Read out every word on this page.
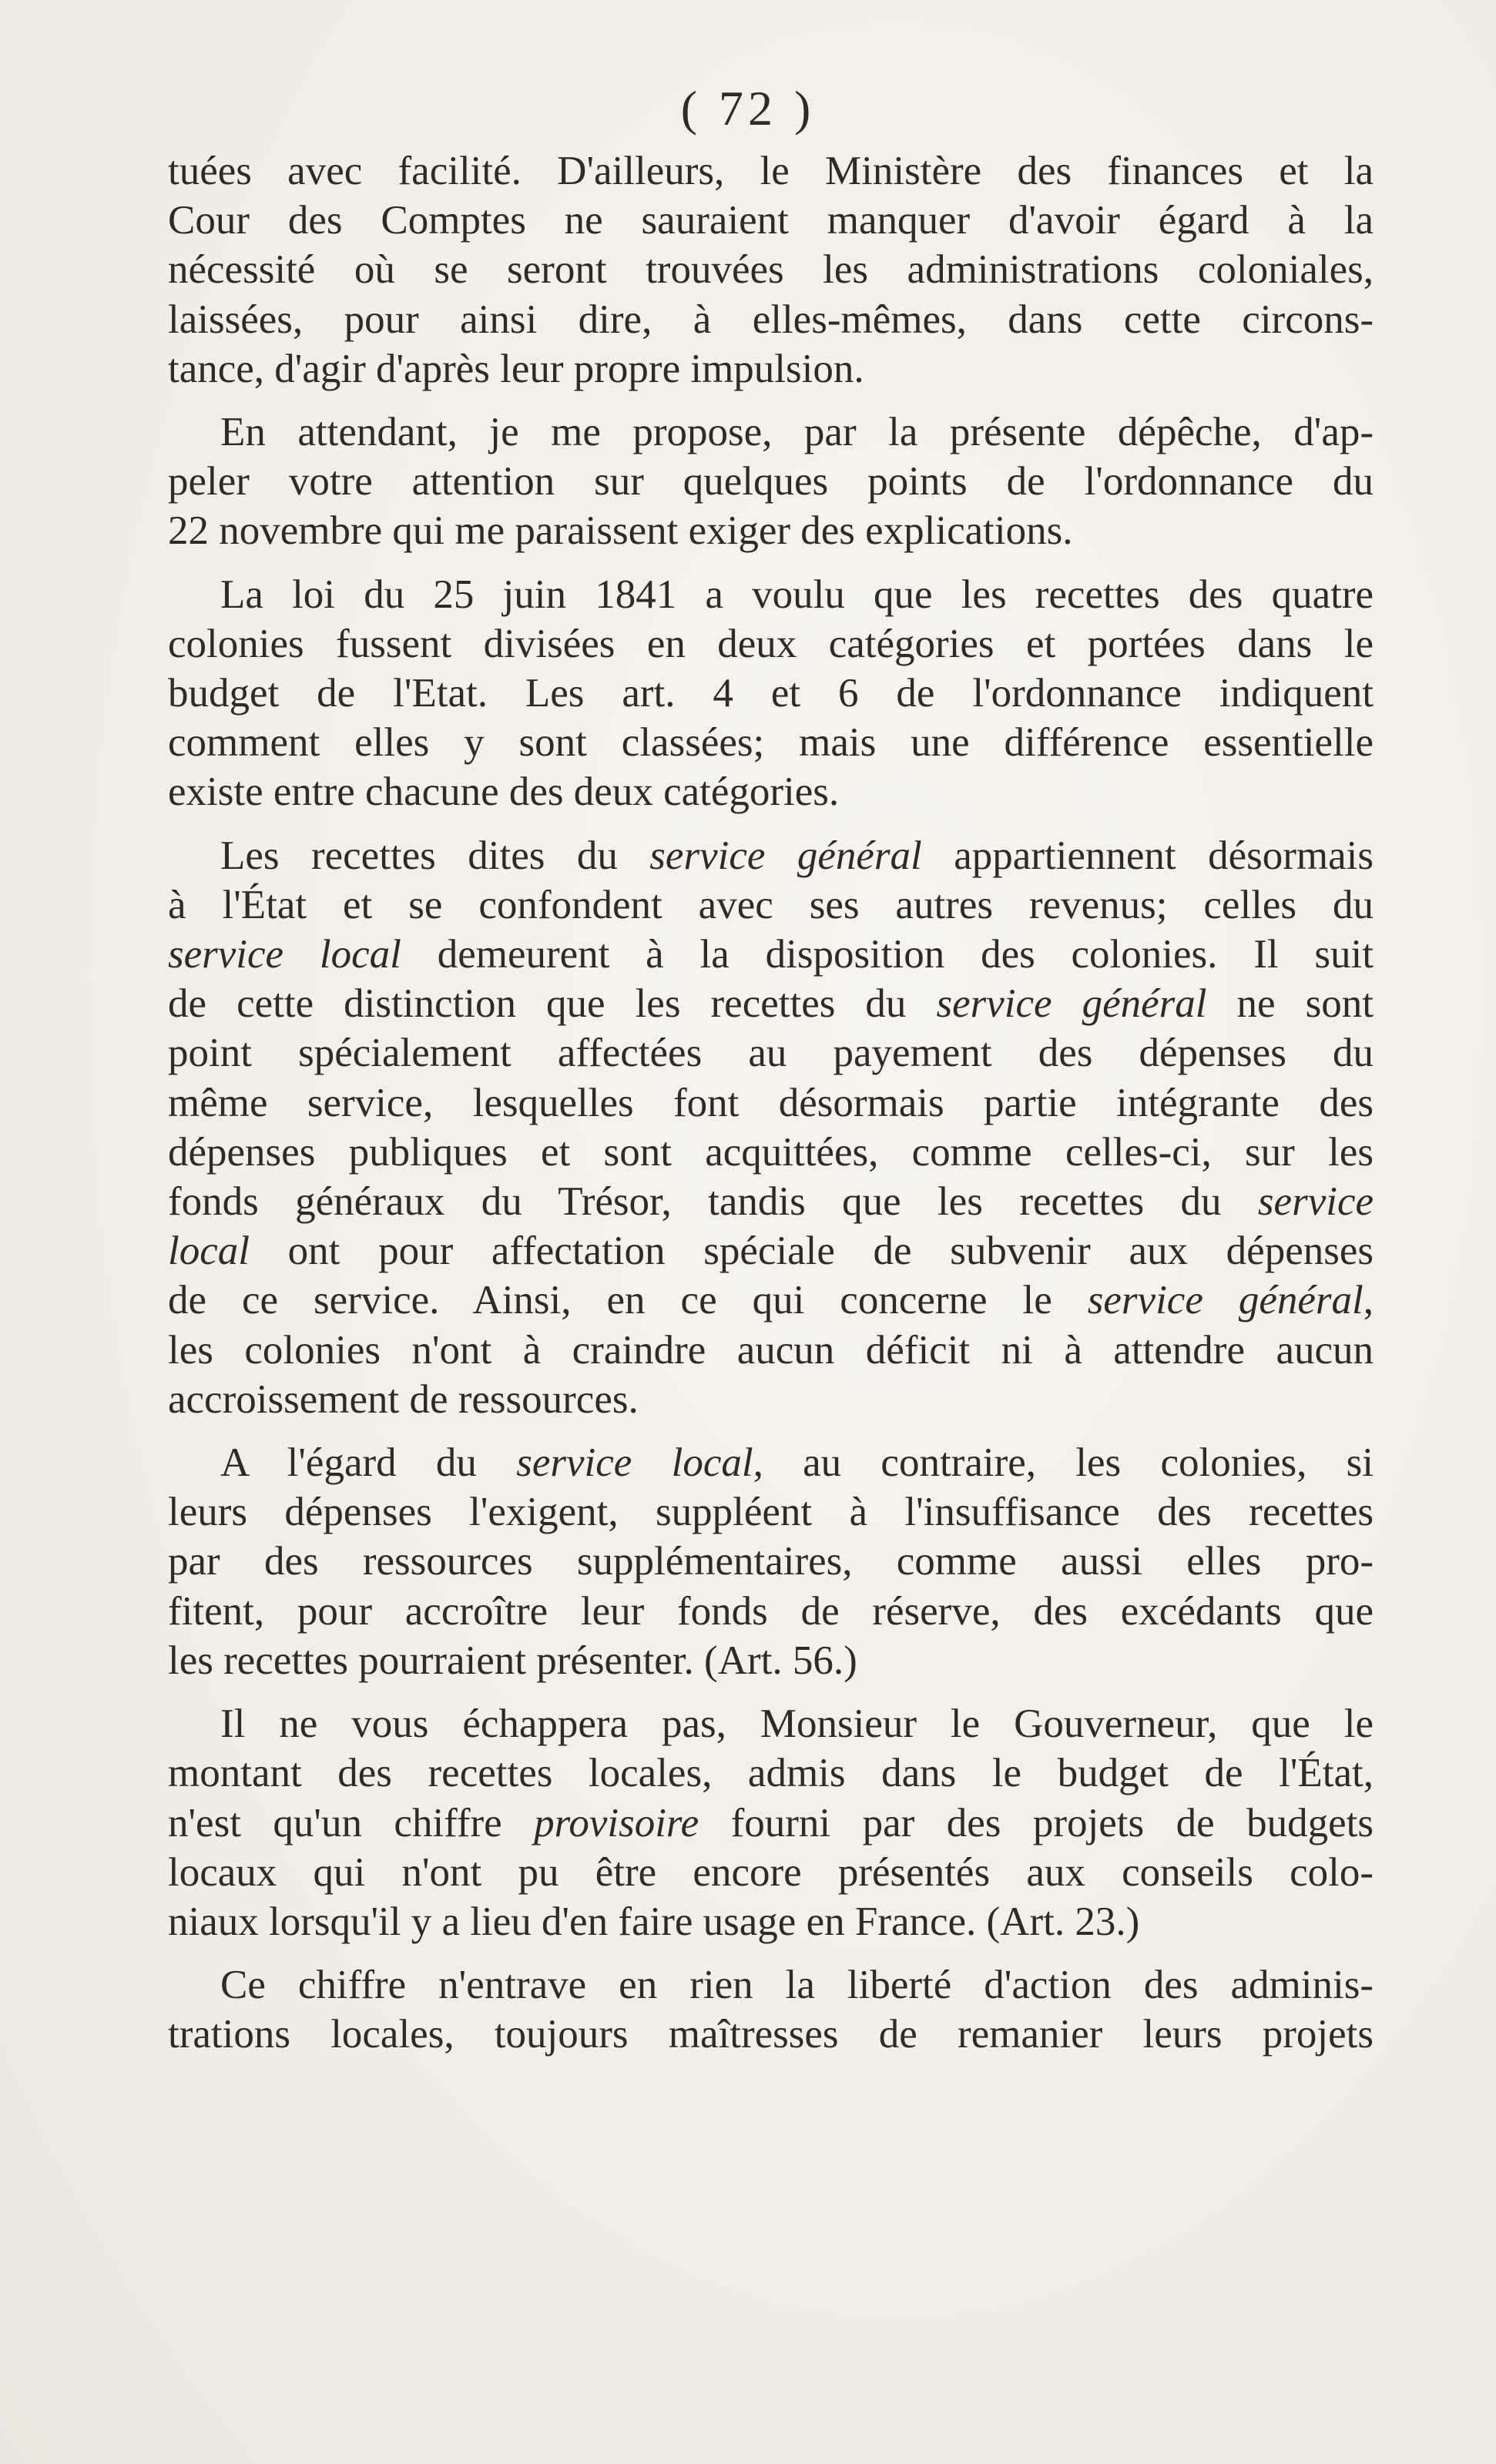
( 72 )
tuées avec facilité. D'ailleurs, le Ministère des finances et la
Cour des Comptes ne sauraient manquer d'avoir égard à la
nécessité où se seront trouvées les administrations coloniales,
laissées, pour ainsi dire, à elles-mêmes, dans cette circons-
tance, d'agir d'après leur propre impulsion.
En attendant, je me propose, par la présente dépêche, d'ap-
peler votre attention sur quelques points de l'ordonnance du
22 novembre qui me paraissent exiger des explications.
La loi du 25 juin 1841 a voulu que les recettes des quatre
colonies fussent divisées en deux catégories et portées dans le
budget de l'Etat. Les art. 4 et 6 de l'ordonnance indiquent
comment elles y sont classées; mais une différence essentielle
existe entre chacune des deux catégories.
Les recettes dites du service général appartiennent désormais
à l'État et se confondent avec ses autres revenus; celles du
service local demeurent à la disposition des colonies. Il suit
de cette distinction que les recettes du service général ne sont
point spécialement affectées au payement des dépenses du
même service, lesquelles font désormais partie intégrante des
dépenses publiques et sont acquittées, comme celles-ci, sur les
fonds généraux du Trésor, tandis que les recettes du service
local ont pour affectation spéciale de subvenir aux dépenses
de ce service. Ainsi, en ce qui concerne le service général,
les colonies n'ont à craindre aucun déficit ni à attendre aucun
accroissement de ressources.
A l'égard du service local, au contraire, les colonies, si
leurs dépenses l'exigent, suppléent à l'insuffisance des recettes
par des ressources supplémentaires, comme aussi elles pro-
fitent, pour accroître leur fonds de réserve, des excédants que
les recettes pourraient présenter. (Art. 56.)
Il ne vous échappera pas, Monsieur le Gouverneur, que le
montant des recettes locales, admis dans le budget de l'État,
n'est qu'un chiffre provisoire fourni par des projets de budgets
locaux qui n'ont pu être encore présentés aux conseils colo-
niaux lorsqu'il y a lieu d'en faire usage en France. (Art. 23.)
Ce chiffre n'entrave en rien la liberté d'action des adminis-
trations locales, toujours maîtresses de remanier leurs projets
